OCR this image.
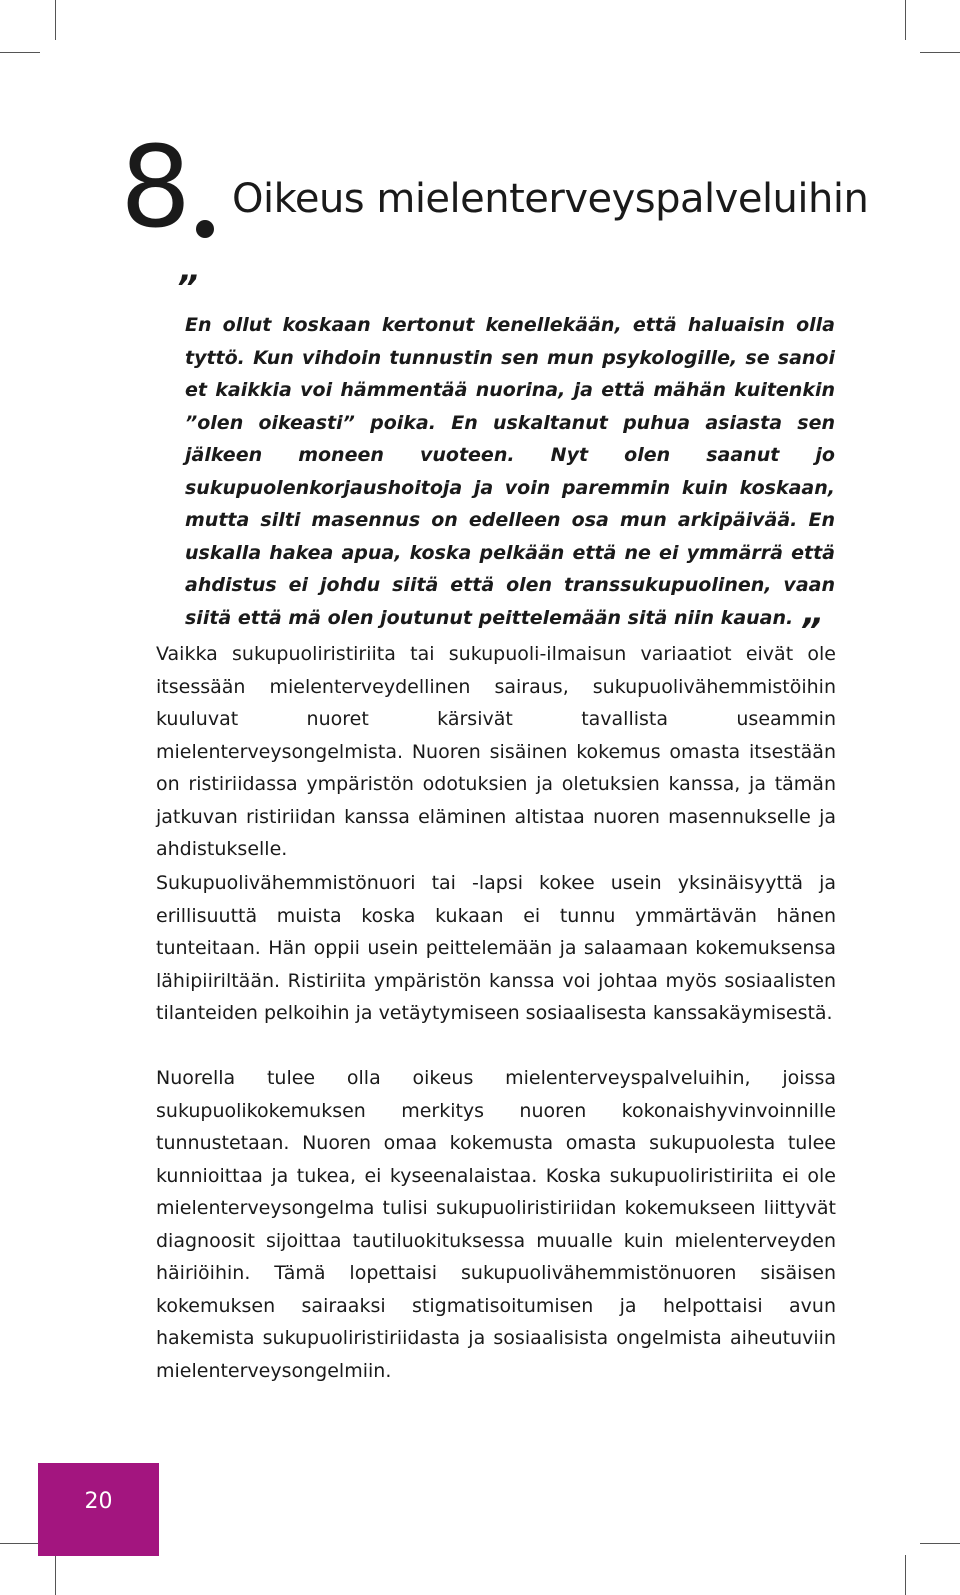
8 Oikeus mielenterveyspalveluihin
”

En ollut koskaan kertonut kenellekään, että haluaisin olla tyttö. Kun vihdoin tunnustin sen mun psykologille, se sanoi et kaikkia voi hämmentää nuorina, ja että mähän kuitenkin ”olen oikeasti” poika. En uskaltanut puhua asiasta sen jälkeen moneen vuoteen. Nyt olen saanut jo sukupuolenkorjaushoitoja ja voin paremmin kuin koskaan, mutta silti masennus on edelleen osa mun arkipäivää. En uskalla hakea apua, koska pelkään että ne ei ymmärrä että ahdistus ei johdu siitä että olen transsukupuolinen, vaan siitä että mä olen joutunut peittelemään sitä niin kauan. ”

Vaikka sukupuoliristiriita tai sukupuoli-ilmaisun variaatiot eivät ole itsessään mielenterveydellinen sairaus, sukupuolivähemmistöihin kuuluvat nuoret kärsivät tavallista useammin mielenterveysongelmista. Nuoren sisäinen kokemus omasta itsestään on ristiriidassa ympäristön odotuksien ja oletuksien kanssa, ja tämän jatkuvan ristiriidan kanssa eläminen altistaa nuoren masennukselle ja ahdistukselle.

Sukupuolivähemmistönuori tai -lapsi kokee usein yksinäisyyttä ja erillisuuttä muista koska kukaan ei tunnu ymmärtävän hänen tunteitaan. Hän oppii usein peittelemään ja salaamaan kokemuksensa lähipiiriltään. Ristiriita ympäristön kanssa voi johtaa myös sosiaalisten tilanteiden pelkoihin ja vetäytymiseen sosiaalisesta kanssakäymisestä.

Nuorella tulee olla oikeus mielenterveyspalveluihin, joissa sukupuolikokemuksen merkitys nuoren kokonaishyvinvoinnille tunnustetaan. Nuoren omaa kokemusta omasta sukupuolesta tulee kunnioittaa ja tukea, ei kyseenalaistaa. Koska sukupuoliristiriita ei ole mielenterveysongelma tulisi sukupuoliristiriidan kokemukseen liittyvät diagnoosit sijoittaa tautiluokituksessa muualle kuin mielenterveyden häiriöihin. Tämä lopettaisi sukupuolivähemmistönuoren sisäisen kokemuksen sairaaksi stigmatisoitumisen ja helpottaisi avun hakemista sukupuoliristiriidasta ja sosiaalisista ongelmista aiheutuviin mielenterveysongelmiin.

20
